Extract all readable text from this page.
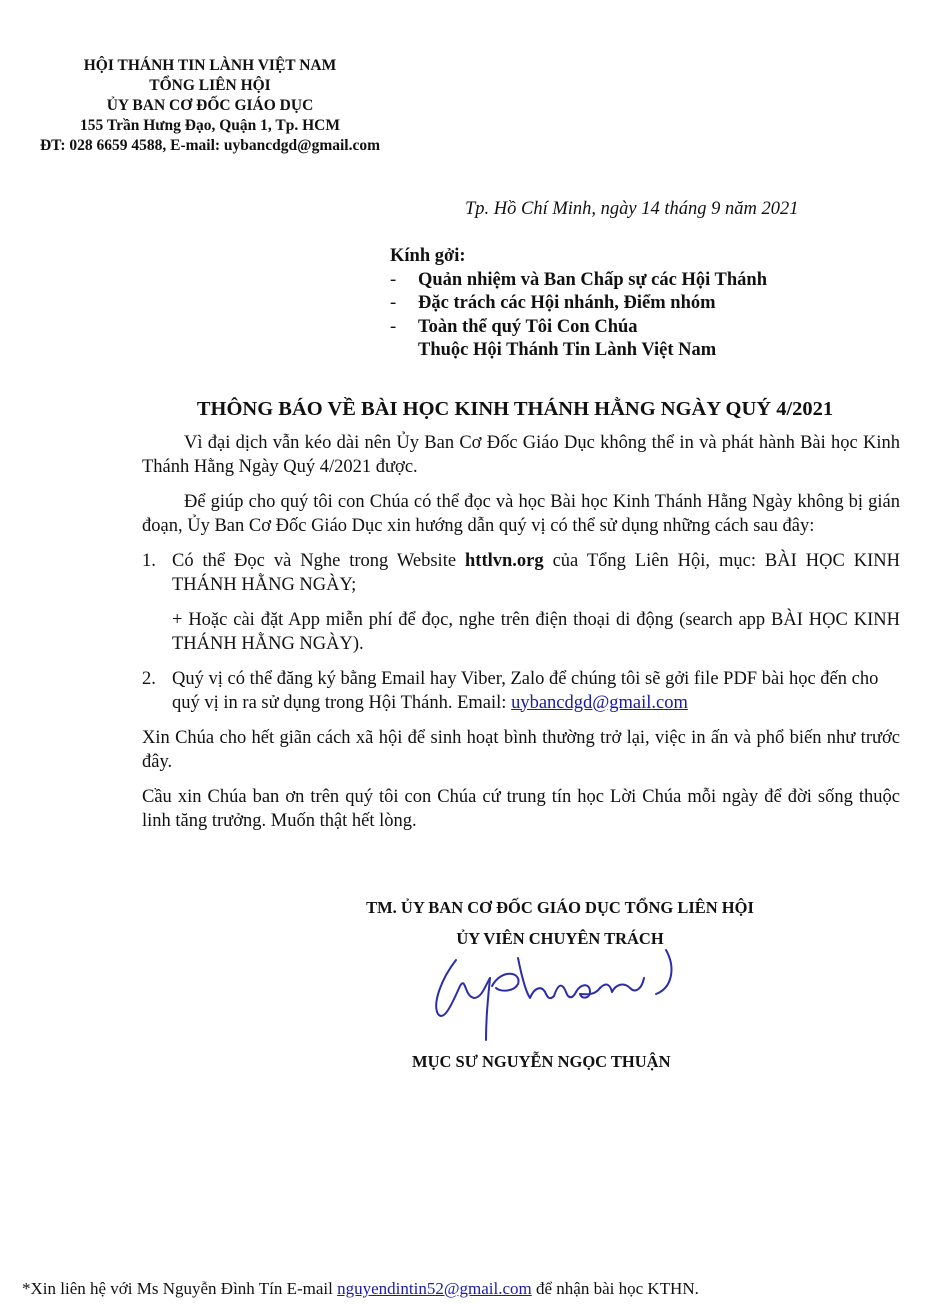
HỘI THÁNH TIN LÀNH VIỆT NAM
TỔNG LIÊN HỘI
ỦY BAN CƠ ĐỐC GIÁO DỤC
155 Trần Hưng Đạo, Quận 1, Tp. HCM
ĐT: 028 6659 4588, E-mail: uybancdgd@gmail.com
Tp. Hồ Chí Minh, ngày 14 tháng 9 năm 2021
Kính gởi:
-	Quản nhiệm và Ban Chấp sự các Hội Thánh
-	Đặc trách các Hội nhánh, Điểm nhóm
-	Toàn thể quý Tôi Con Chúa
Thuộc Hội Thánh Tin Lành Việt Nam
THÔNG BÁO VỀ BÀI HỌC KINH THÁNH HẰNG NGÀY QUÝ 4/2021

Vì đại dịch vẫn kéo dài nên Ủy Ban Cơ Đốc Giáo Dục không thể in và phát hành Bài học Kinh Thánh Hằng Ngày Quý 4/2021 được.

Để giúp cho quý tôi con Chúa có thể đọc và học Bài học Kinh Thánh Hằng Ngày không bị gián đoạn, Ủy Ban Cơ Đốc Giáo Dục xin hướng dẫn quý vị có thể sử dụng những cách sau đây:

1. Có thể Đọc và Nghe trong Website httlvn.org của Tổng Liên Hội, mục: BÀI HỌC KINH THÁNH HẰNG NGÀY;

+ Hoặc cài đặt App miễn phí để đọc, nghe trên điện thoại di động (search app BÀI HỌC KINH THÁNH HẰNG NGÀY).

2. Quý vị có thể đăng ký bằng Email hay Viber, Zalo để chúng tôi sẽ gởi file PDF bài học đến cho quý vị in ra sử dụng trong Hội Thánh. Email: uybancdgd@gmail.com

Xin Chúa cho hết giãn cách xã hội để sinh hoạt bình thường trở lại, việc in ấn và phổ biến như trước đây.

Cầu xin Chúa ban ơn trên quý tôi con Chúa cứ trung tín học Lời Chúa mỗi ngày để đời sống thuộc linh tăng trưởng. Muốn thật hết lòng.

TM. ỦY BAN CƠ ĐỐC GIÁO DỤC TỔNG LIÊN HỘI
ỦY VIÊN CHUYÊN TRÁCH
MỤC SƯ NGUYỄN NGỌC THUẬN
*Xin liên hệ với Ms Nguyễn Đình Tín E-mail nguyendintin52@gmail.com để nhận bài học KTHN.
